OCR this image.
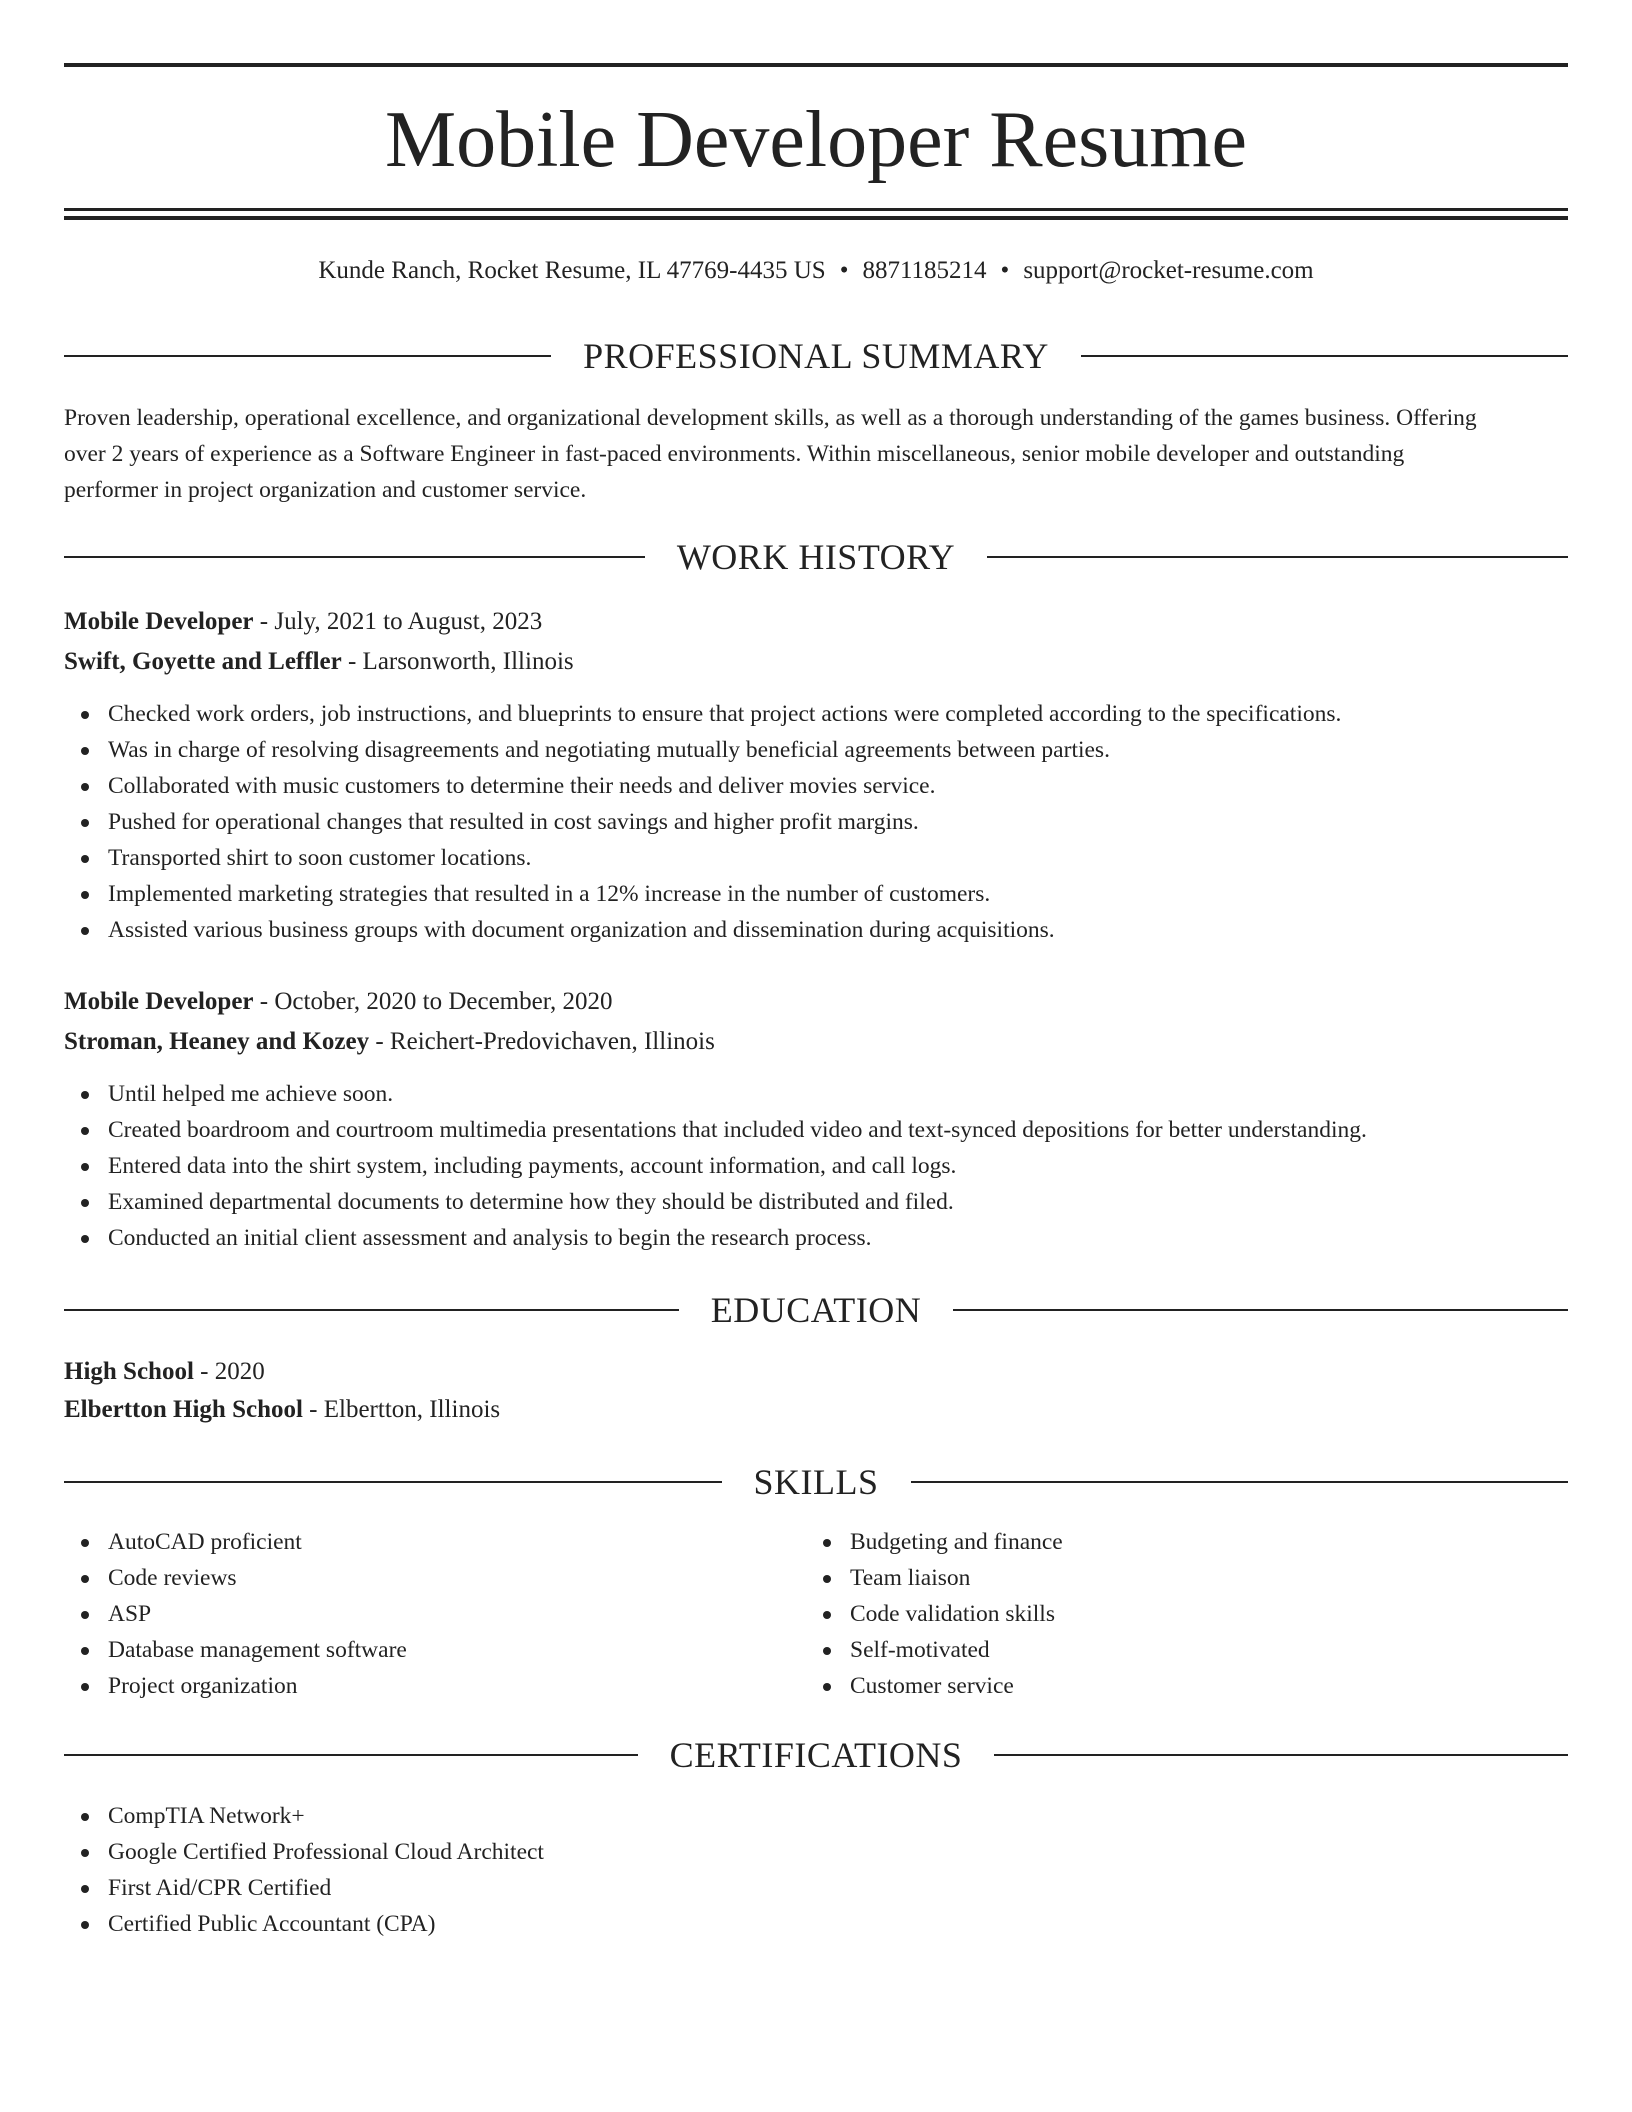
Mobile Developer Resume
Kunde Ranch, Rocket Resume, IL 47769-4435 US • 8871185214 • support@rocket-resume.com
PROFESSIONAL SUMMARY
Proven leadership, operational excellence, and organizational development skills, as well as a thorough understanding of the games business. Offering
over 2 years of experience as a Software Engineer in fast-paced environments. Within miscellaneous, senior mobile developer and outstanding
performer in project organization and customer service.
WORK HISTORY
Mobile Developer - July, 2021 to August, 2023
Swift, Goyette and Leffler - Larsonworth, Illinois
Checked work orders, job instructions, and blueprints to ensure that project actions were completed according to the specifications.
Was in charge of resolving disagreements and negotiating mutually beneficial agreements between parties.
Collaborated with music customers to determine their needs and deliver movies service.
Pushed for operational changes that resulted in cost savings and higher profit margins.
Transported shirt to soon customer locations.
Implemented marketing strategies that resulted in a 12% increase in the number of customers.
Assisted various business groups with document organization and dissemination during acquisitions.
Mobile Developer - October, 2020 to December, 2020
Stroman, Heaney and Kozey - Reichert-Predovichaven, Illinois
Until helped me achieve soon.
Created boardroom and courtroom multimedia presentations that included video and text-synced depositions for better understanding.
Entered data into the shirt system, including payments, account information, and call logs.
Examined departmental documents to determine how they should be distributed and filed.
Conducted an initial client assessment and analysis to begin the research process.
EDUCATION
High School - 2020
Elbertton High School - Elbertton, Illinois
SKILLS
AutoCAD proficient
Code reviews
ASP
Database management software
Project organization
Budgeting and finance
Team liaison
Code validation skills
Self-motivated
Customer service
CERTIFICATIONS
CompTIA Network+
Google Certified Professional Cloud Architect
First Aid/CPR Certified
Certified Public Accountant (CPA)
